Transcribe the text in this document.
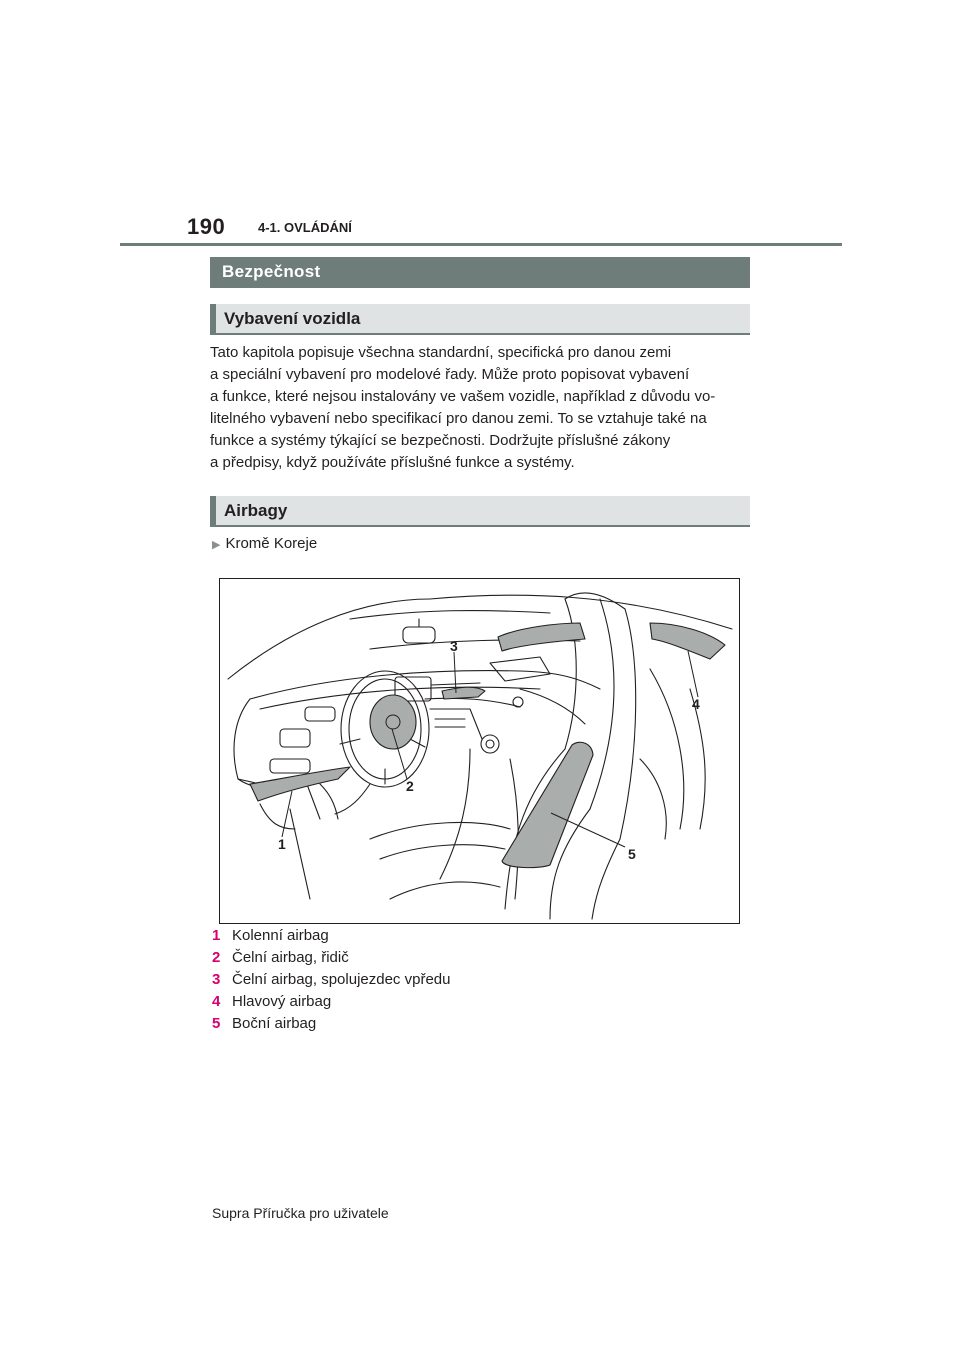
190	4-1. OVLÁDÁNÍ
Bezpečnost
Vybavení vozidla

Tato kapitola popisuje všechna standardní, specifická pro danou zemi
a speciální vybavení pro modelové řady. Může proto popisovat vybavení
a funkce, které nejsou instalovány ve vašem vozidle, například z důvodu vo-
litelného vybavení nebo specifikací pro danou zemi. To se vztahuje také na
funkce a systémy týkající se bezpečnosti. Dodržujte příslušné zákony
a předpisy, když používáte příslušné funkce a systémy.

Airbagy
▶ Kromě Koreje
1
2
3
4
5
1 Kolenní airbag
2 Čelní airbag, řidič
3 Čelní airbag, spolujezdec vpředu
4 Hlavový airbag
5 Boční airbag
Supra Příručka pro uživatele
